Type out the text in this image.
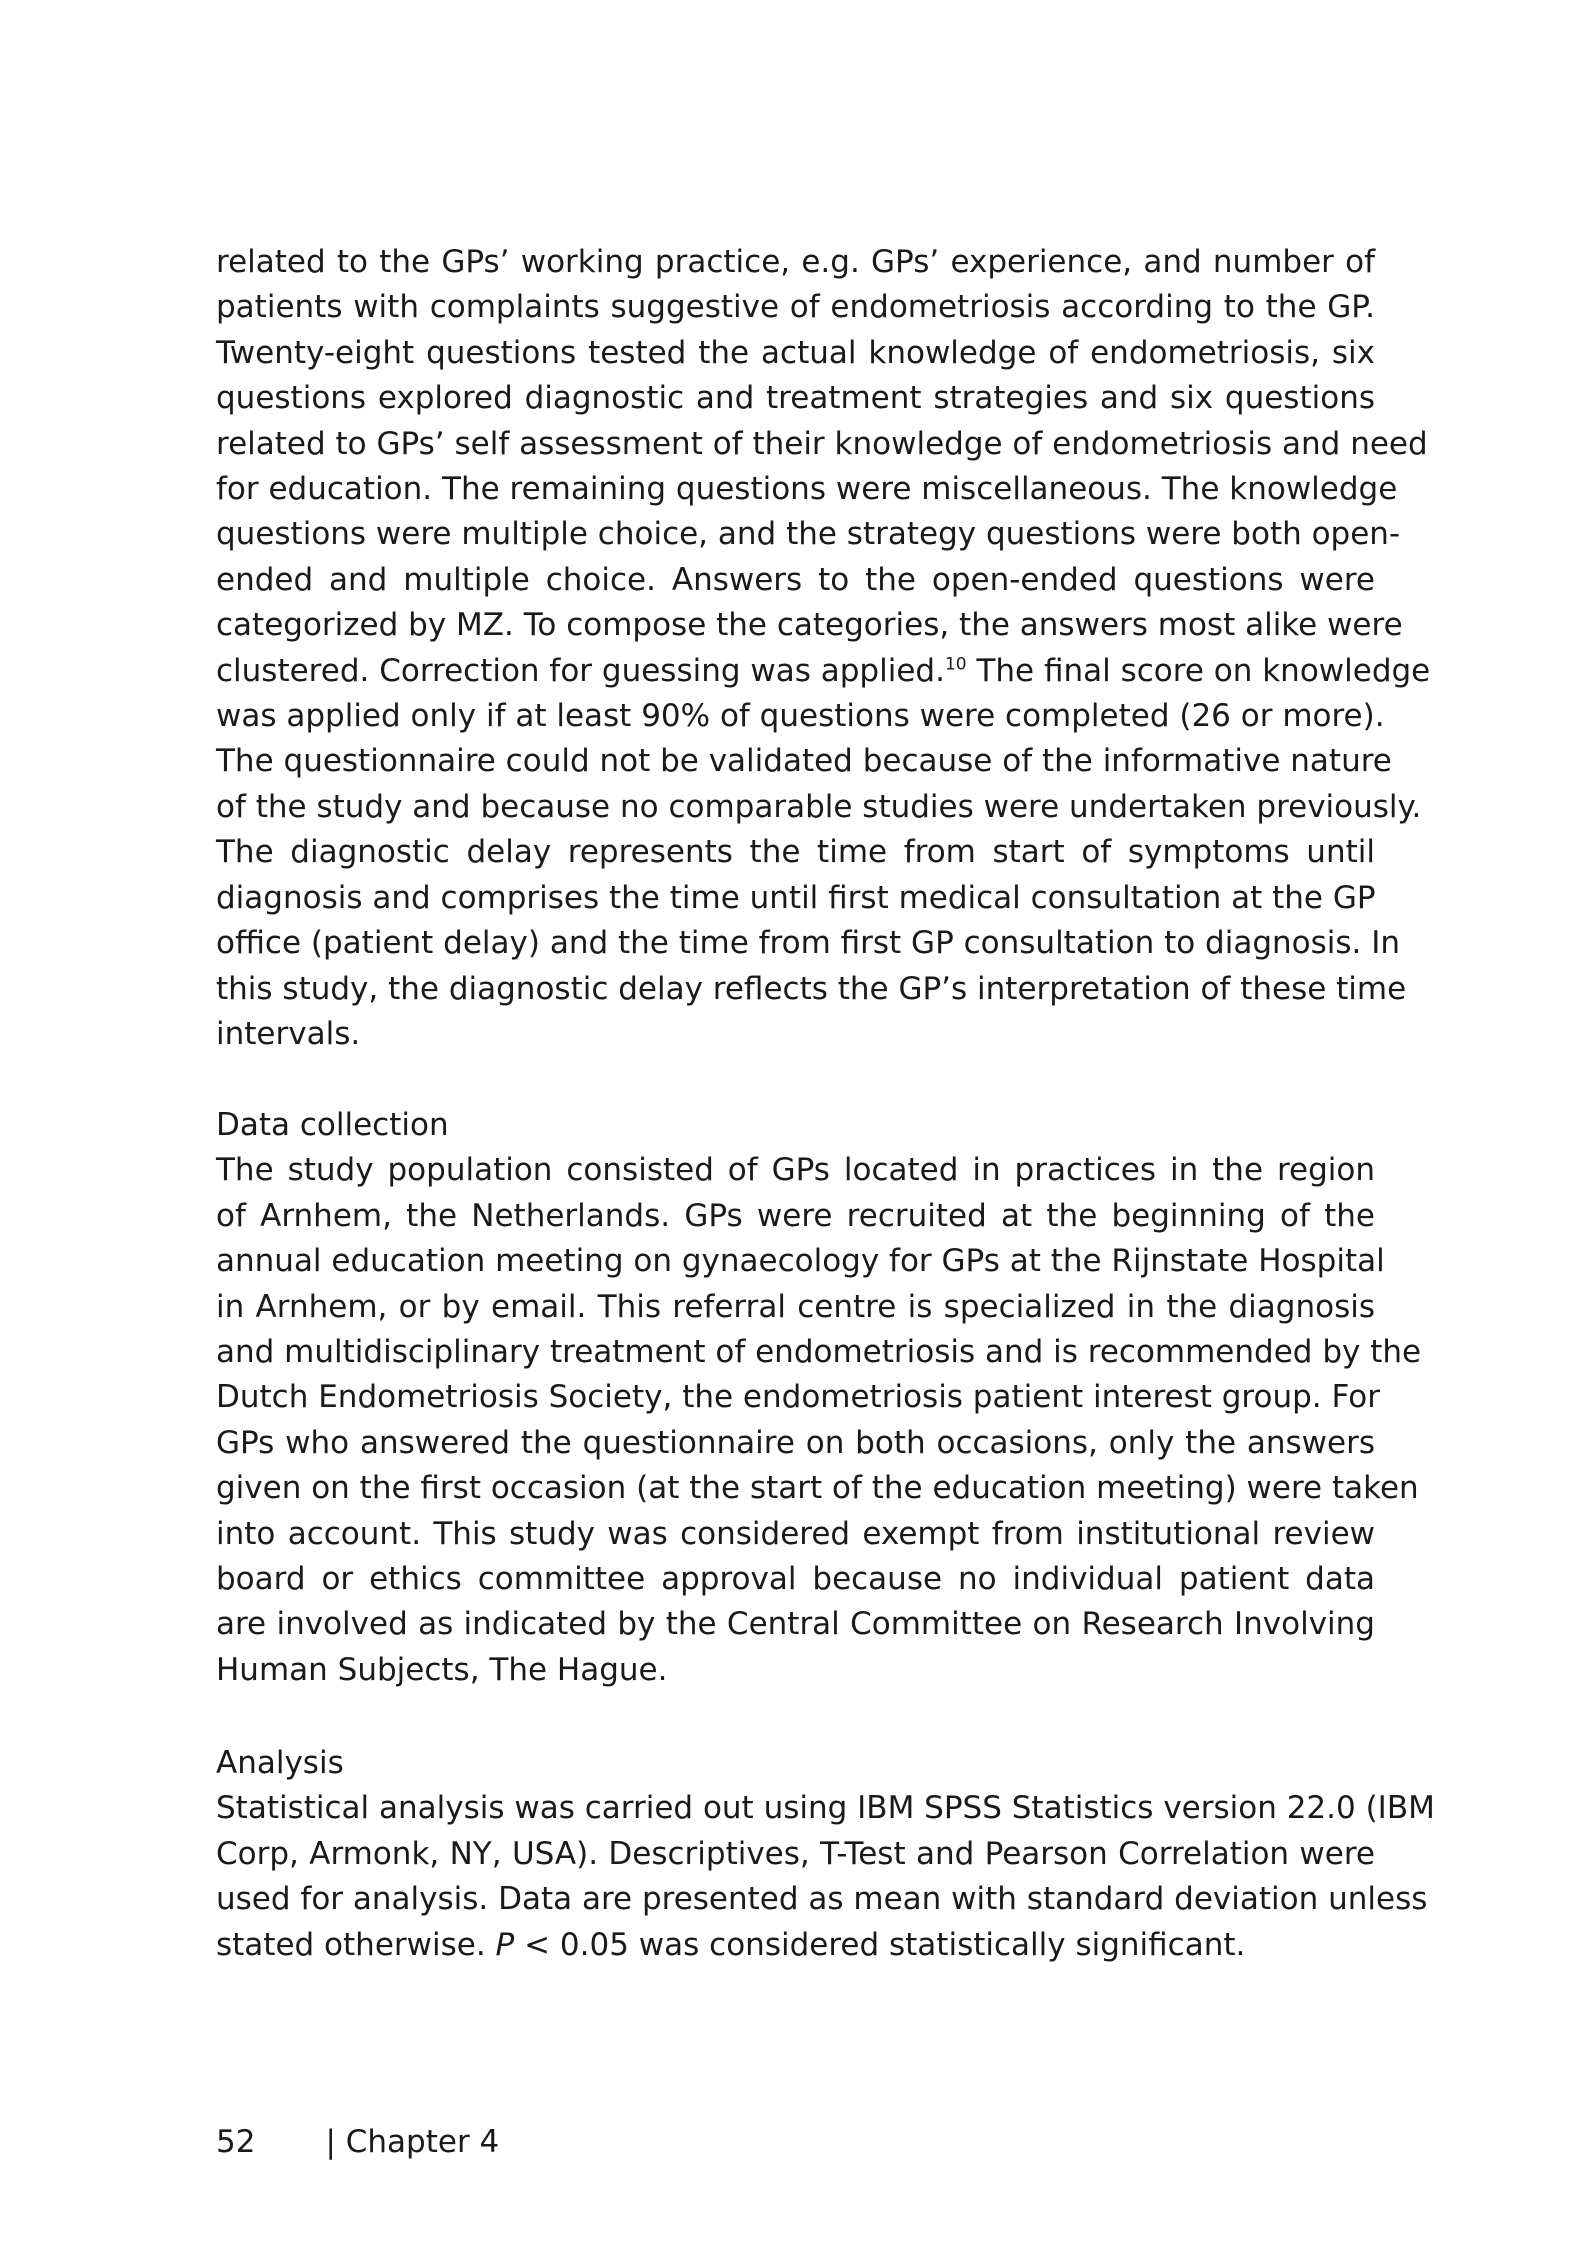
related to the GPs’ working practice, e.g. GPs’ experience, and number of
patients with complaints suggestive of endometriosis according to the GP.
Twenty-eight questions tested the actual knowledge of endometriosis, six
questions explored diagnostic and treatment strategies and six questions
related to GPs’ self assessment of their knowledge of endometriosis and need
for education. The remaining questions were miscellaneous. The knowledge
questions were multiple choice, and the strategy questions were both open-
ended and multiple choice. Answers to the open-ended questions were
categorized by MZ. To compose the categories, the answers most alike were
clustered. Correction for guessing was applied.$^{10}$ The final score on knowledge
was applied only if at least 90% of questions were completed (26 or more).
The questionnaire could not be validated because of the informative nature
of the study and because no comparable studies were undertaken previously.
The diagnostic delay represents the time from start of symptoms until
diagnosis and comprises the time until first medical consultation at the GP
office (patient delay) and the time from first GP consultation to diagnosis. In
this study, the diagnostic delay reflects the GP’s interpretation of these time
intervals.
Data collection
The study population consisted of GPs located in practices in the region
of Arnhem, the Netherlands. GPs were recruited at the beginning of the
annual education meeting on gynaecology for GPs at the Rijnstate Hospital
in Arnhem, or by email. This referral centre is specialized in the diagnosis
and multidisciplinary treatment of endometriosis and is recommended by the
Dutch Endometriosis Society, the endometriosis patient interest group. For
GPs who answered the questionnaire on both occasions, only the answers
given on the first occasion (at the start of the education meeting) were taken
into account. This study was considered exempt from institutional review
board or ethics committee approval because no individual patient data
are involved as indicated by the Central Committee on Research Involving
Human Subjects, The Hague.
Analysis
Statistical analysis was carried out using IBM SPSS Statistics version 22.0 (IBM
Corp, Armonk, NY, USA). Descriptives, T-Test and Pearson Correlation were
used for analysis. Data are presented as mean with standard deviation unless
stated otherwise. P < 0.05 was considered statistically significant.
52 | Chapter 4
